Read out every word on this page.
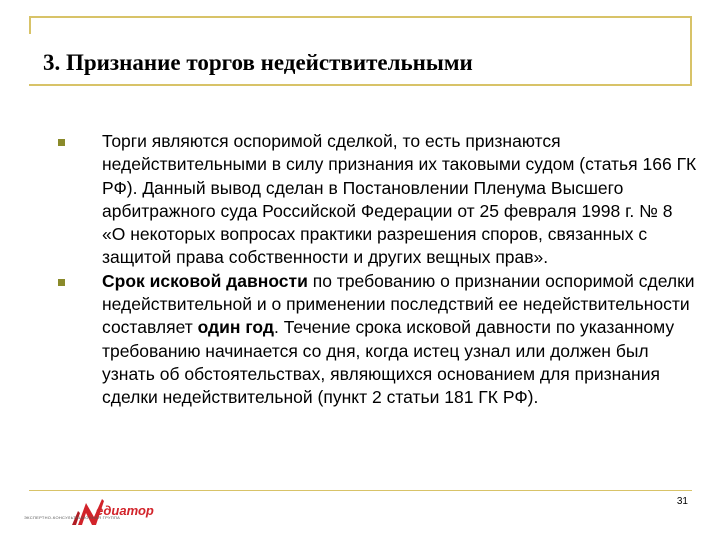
3. Признание торгов недействительными
Торги являются оспоримой сделкой, то есть признаются недействительными в силу признания их таковыми судом (статья 166 ГК РФ). Данный вывод сделан в Постановлении Пленума Высшего арбитражного суда Российской Федерации от 25 февраля 1998 г. № 8 «О некоторых вопросах практики разрешения споров, связанных с защитой права собственности и других вещных прав».
Срок исковой давности по требованию о признании оспоримой сделки недействительной и о применении последствий ее недействительности составляет один год. Течение срока исковой давности по указанному требованию начинается со дня, когда истец узнал или должен был узнать об обстоятельствах, являющихся основанием для признания сделки недействительной (пункт 2 статьи 181 ГК РФ).
31
едиатор
ЭКСПЕРТНО-КОНСУЛЬТАЦИОННАЯ ГРУППА
